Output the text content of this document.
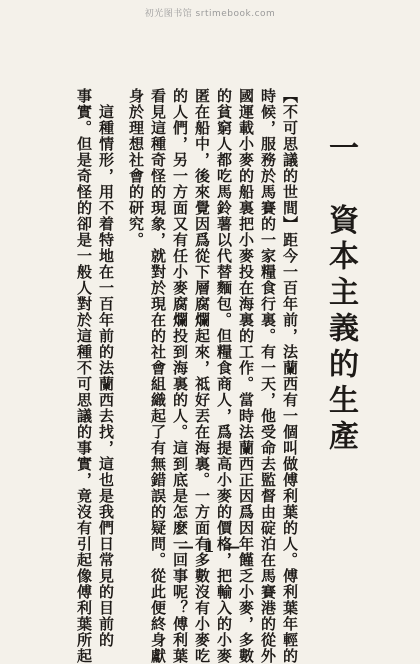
初光图书馆 srtimebook.com
一　資本主義的生產
【不可思議的世間】距今一百年前，法蘭西有一個叫做傅利葉的人。傅利葉年輕的
時候，服務於馬賽的一家糧食行裏。有一天，他受命去監督由碇泊在馬賽港的從外
國運載小麥的船裏把小麥投在海裏的工作。當時法蘭西正因爲因年饉乏小麥，多數
的貧窮人都吃馬鈴薯以代替麵包。但糧食商人，爲提高小麥的價格，把輸入的小麥
匿在船中，後來覺因爲從下層腐爛起來，祗好丟在海裏。一方面有多數沒有小麥吃
的人們，另一方面又有任小麥腐爛投到海裏的人。這到底是怎麽一回事呢？傅利葉
看見這種奇怪的現象，就對於現在的社會組織起了有無錯誤的疑問。從此便終身獻
身於理想社會的研究。
　這種情形，用不着特地在一百年前的法蘭西去找，這也是我們日常見的目前的
事實。但是奇怪的卻是一般人對於這種不可思議的事實，竟沒有引起像傅利葉所起	— 1 —
